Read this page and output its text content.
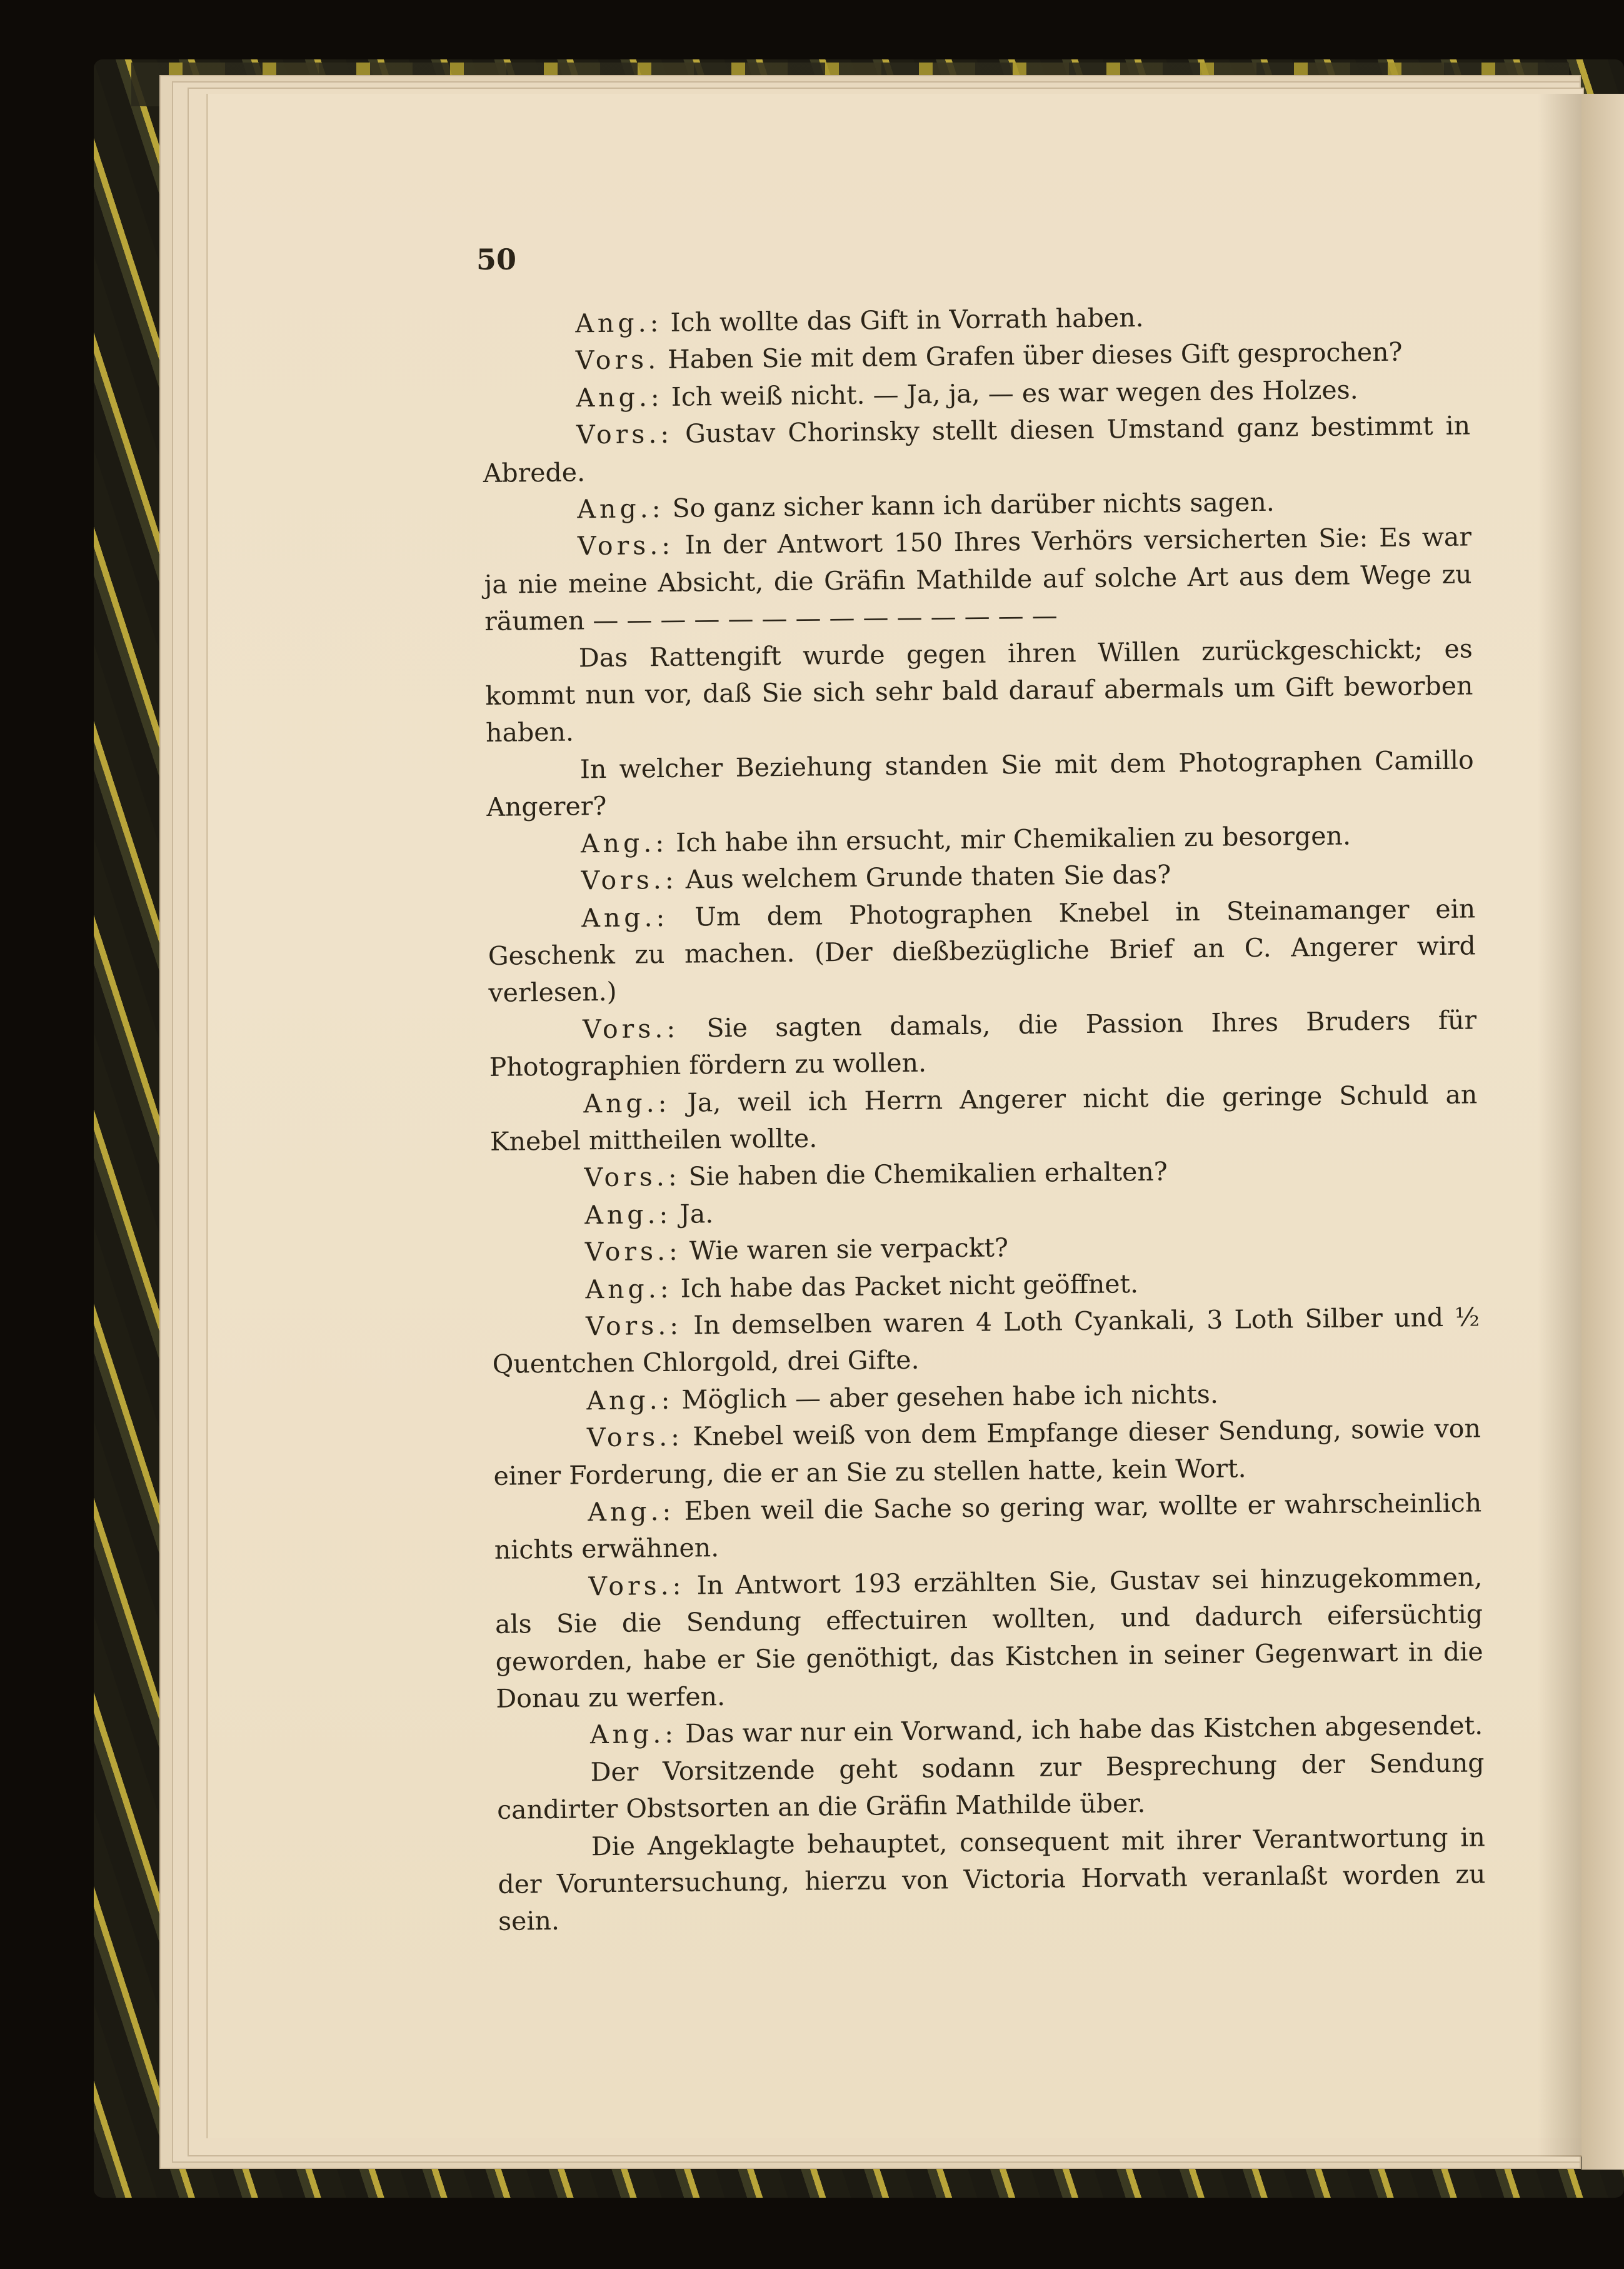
50

Ang.: Ich wollte das Gift in Vorrath haben.

Vors. Haben Sie mit dem Grafen über dieses Gift gesprochen?

Ang.: Ich weiß nicht. — Ja, ja, — es war wegen des Holzes.

Vors.: Gustav Chorinsky stellt diesen Umstand ganz bestimmt in Abrede.

Ang.: So ganz sicher kann ich darüber nichts sagen.

Vors.: In der Antwort 150 Ihres Verhörs versicherten Sie: Es war ja nie meine Absicht, die Gräfin Mathilde auf solche Art aus dem Wege zu räumen — — — — — — — — — — — — — —

Das Rattengift wurde gegen ihren Willen zurückgeschickt; es kommt nun vor, daß Sie sich sehr bald darauf abermals um Gift beworben haben.

In welcher Beziehung standen Sie mit dem Photographen Camillo Angerer?

Ang.: Ich habe ihn ersucht, mir Chemikalien zu besorgen.

Vors.: Aus welchem Grunde thaten Sie das?

Ang.: Um dem Photographen Knebel in Steinamanger ein Geschenk zu machen. (Der dießbezügliche Brief an C. Angerer wird verlesen.)

Vors.: Sie sagten damals, die Passion Ihres Bruders für Photographien fördern zu wollen.

Ang.: Ja, weil ich Herrn Angerer nicht die geringe Schuld an Knebel mittheilen wollte.

Vors.: Sie haben die Chemikalien erhalten?

Ang.: Ja.

Vors.: Wie waren sie verpackt?

Ang.: Ich habe das Packet nicht geöffnet.

Vors.: In demselben waren 4 Loth Cyankali, 3 Loth Silber und ½ Quentchen Chlorgold, drei Gifte.

Ang.: Möglich — aber gesehen habe ich nichts.

Vors.: Knebel weiß von dem Empfange dieser Sendung, sowie von einer Forderung, die er an Sie zu stellen hatte, kein Wort.

Ang.: Eben weil die Sache so gering war, wollte er wahrscheinlich nichts erwähnen.

Vors.: In Antwort 193 erzählten Sie, Gustav sei hinzugekommen, als Sie die Sendung effectuiren wollten, und dadurch eifersüchtig geworden, habe er Sie genöthigt, das Kistchen in seiner Gegenwart in die Donau zu werfen.

Ang.: Das war nur ein Vorwand, ich habe das Kistchen abgesendet.

Der Vorsitzende geht sodann zur Besprechung der Sendung candirter Obstsorten an die Gräfin Mathilde über.

Die Angeklagte behauptet, consequent mit ihrer Verantwortung in der Voruntersuchung, hierzu von Victoria Horvath veranlaßt worden zu sein.
